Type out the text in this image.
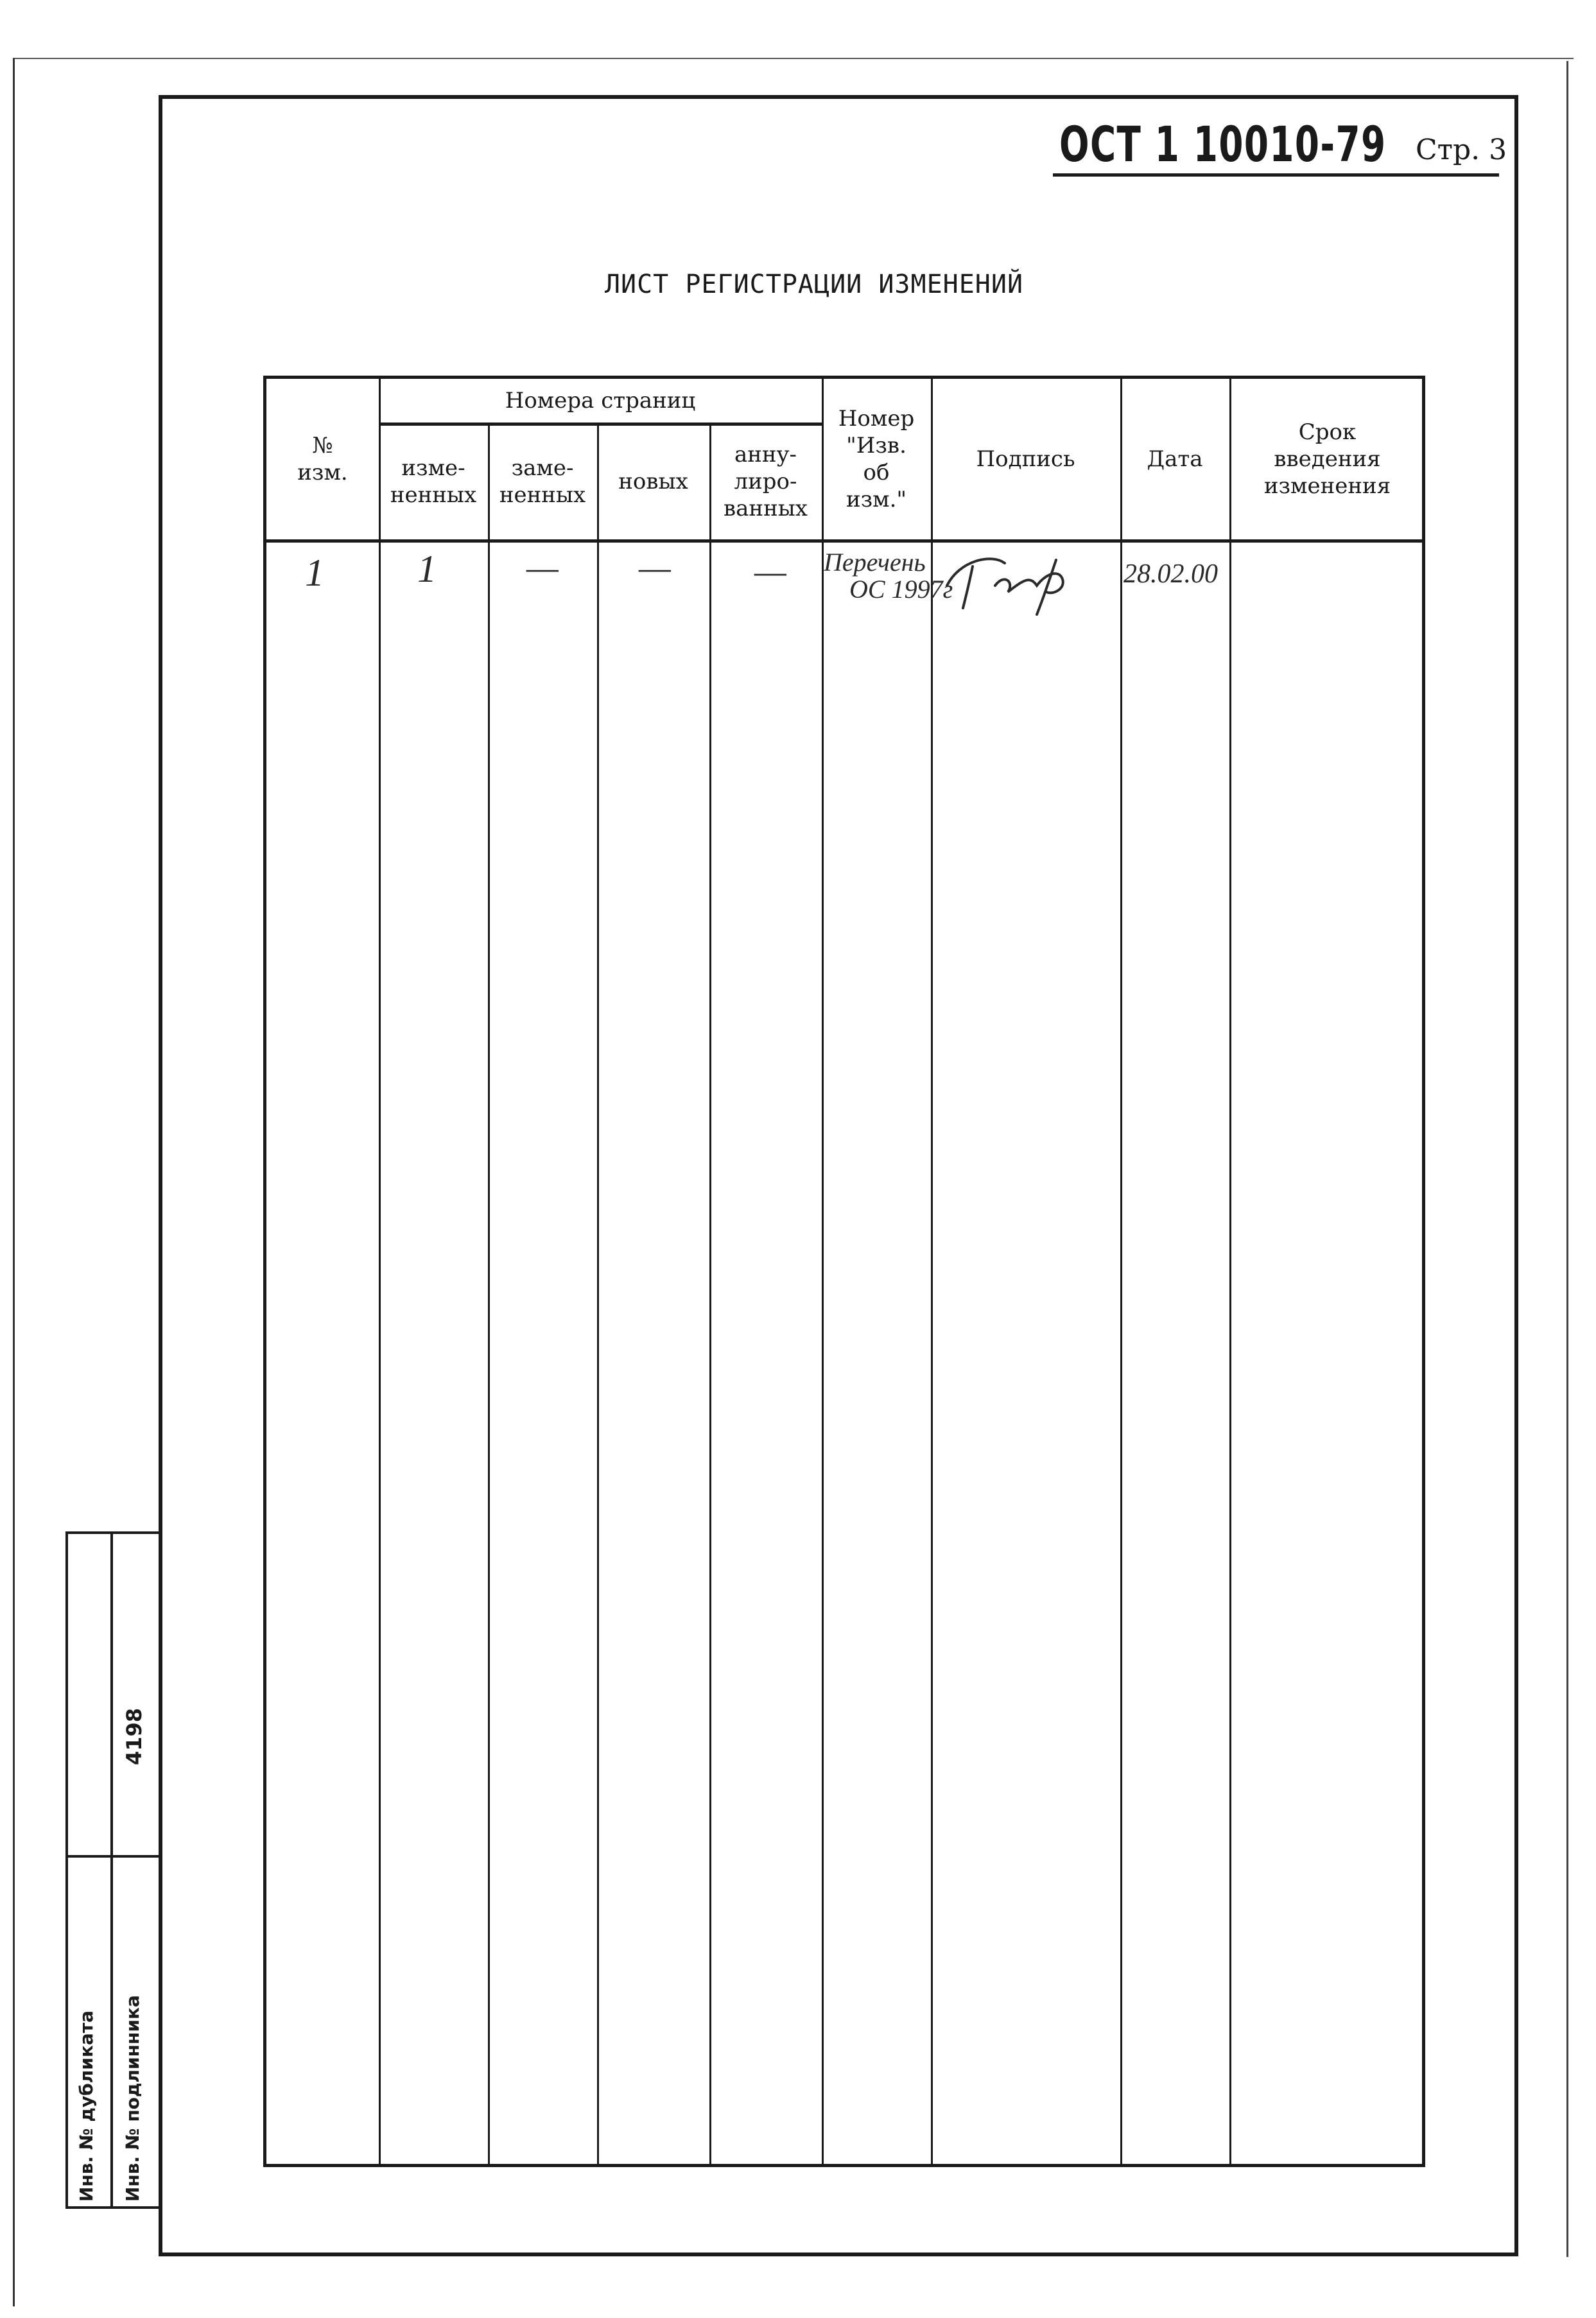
ОСТ 1 10010-79 Стр. 3
ЛИСТ РЕГИСТРАЦИИ ИЗМЕНЕНИЙ
№
изм.
Номера страниц
изме-
ненных
заме-
ненных
новых
анну-
лиро-
ванных
Номер
"Изв.
об
изм."
Подпись	Дата
Срок
введения
изменения
1 1	— — — Перечень
ОС 1997г
28.02.00
Инв. № дубликата Инв. № подлинника
4198
